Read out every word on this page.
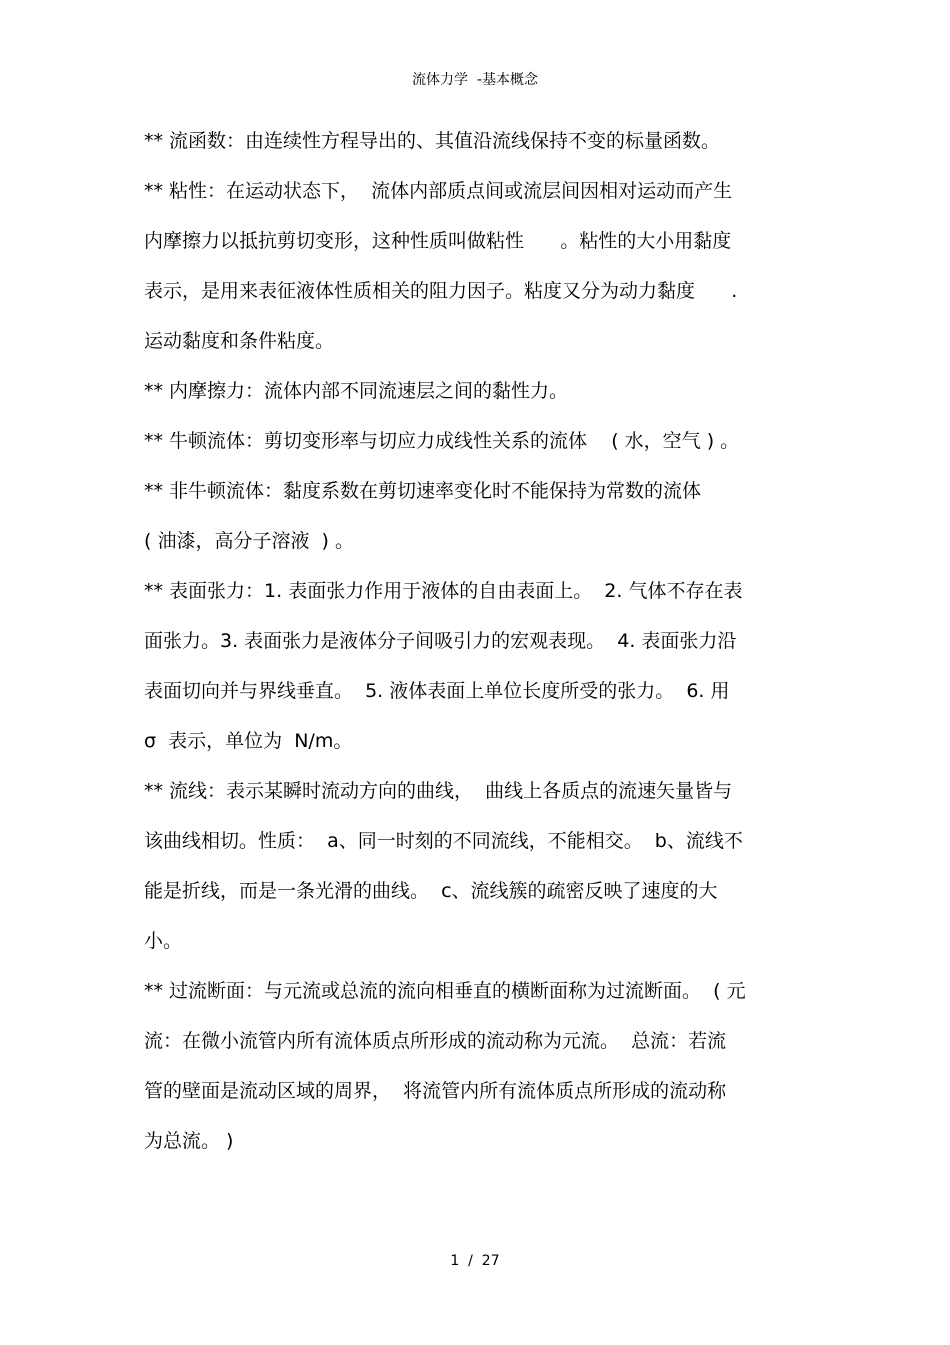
流体力学  -基本概念
** 流函数：由连续性方程导出的、其值沿流线保持不变的标量函数。
** 粘性：在运动状态下，  流体内部质点间或流层间因相对运动而产生
内摩擦力以抵抗剪切变形，这种性质叫做粘性      。粘性的大小用黏度
表示，是用来表征液体性质相关的阻力因子。粘度又分为动力黏度      .
运动黏度和条件粘度。
** 内摩擦力：流体内部不同流速层之间的黏性力。
** 牛顿流体：剪切变形率与切应力成线性关系的流体    ( 水，空气 ) 。
** 非牛顿流体：黏度系数在剪切速率变化时不能保持为常数的流体
( 油漆，高分子溶液  ) 。
** 表面张力：1. 表面张力作用于液体的自由表面上。  2. 气体不存在表
面张力。3. 表面张力是液体分子间吸引力的宏观表现。  4. 表面张力沿
表面切向并与界线垂直。  5. 液体表面上单位长度所受的张力。  6. 用
σ  表示，单位为  N/m。
** 流线：表示某瞬时流动方向的曲线，  曲线上各质点的流速矢量皆与
该曲线相切。性质：  a、同一时刻的不同流线，不能相交。  b、流线不
能是折线，而是一条光滑的曲线。  c、流线簇的疏密反映了速度的大
小。
** 过流断面：与元流或总流的流向相垂直的横断面称为过流断面。  ( 元
流：在微小流管内所有流体质点所形成的流动称为元流。  总流：若流
管的壁面是流动区域的周界，  将流管内所有流体质点所形成的流动称
为总流。 )
1  /  27
